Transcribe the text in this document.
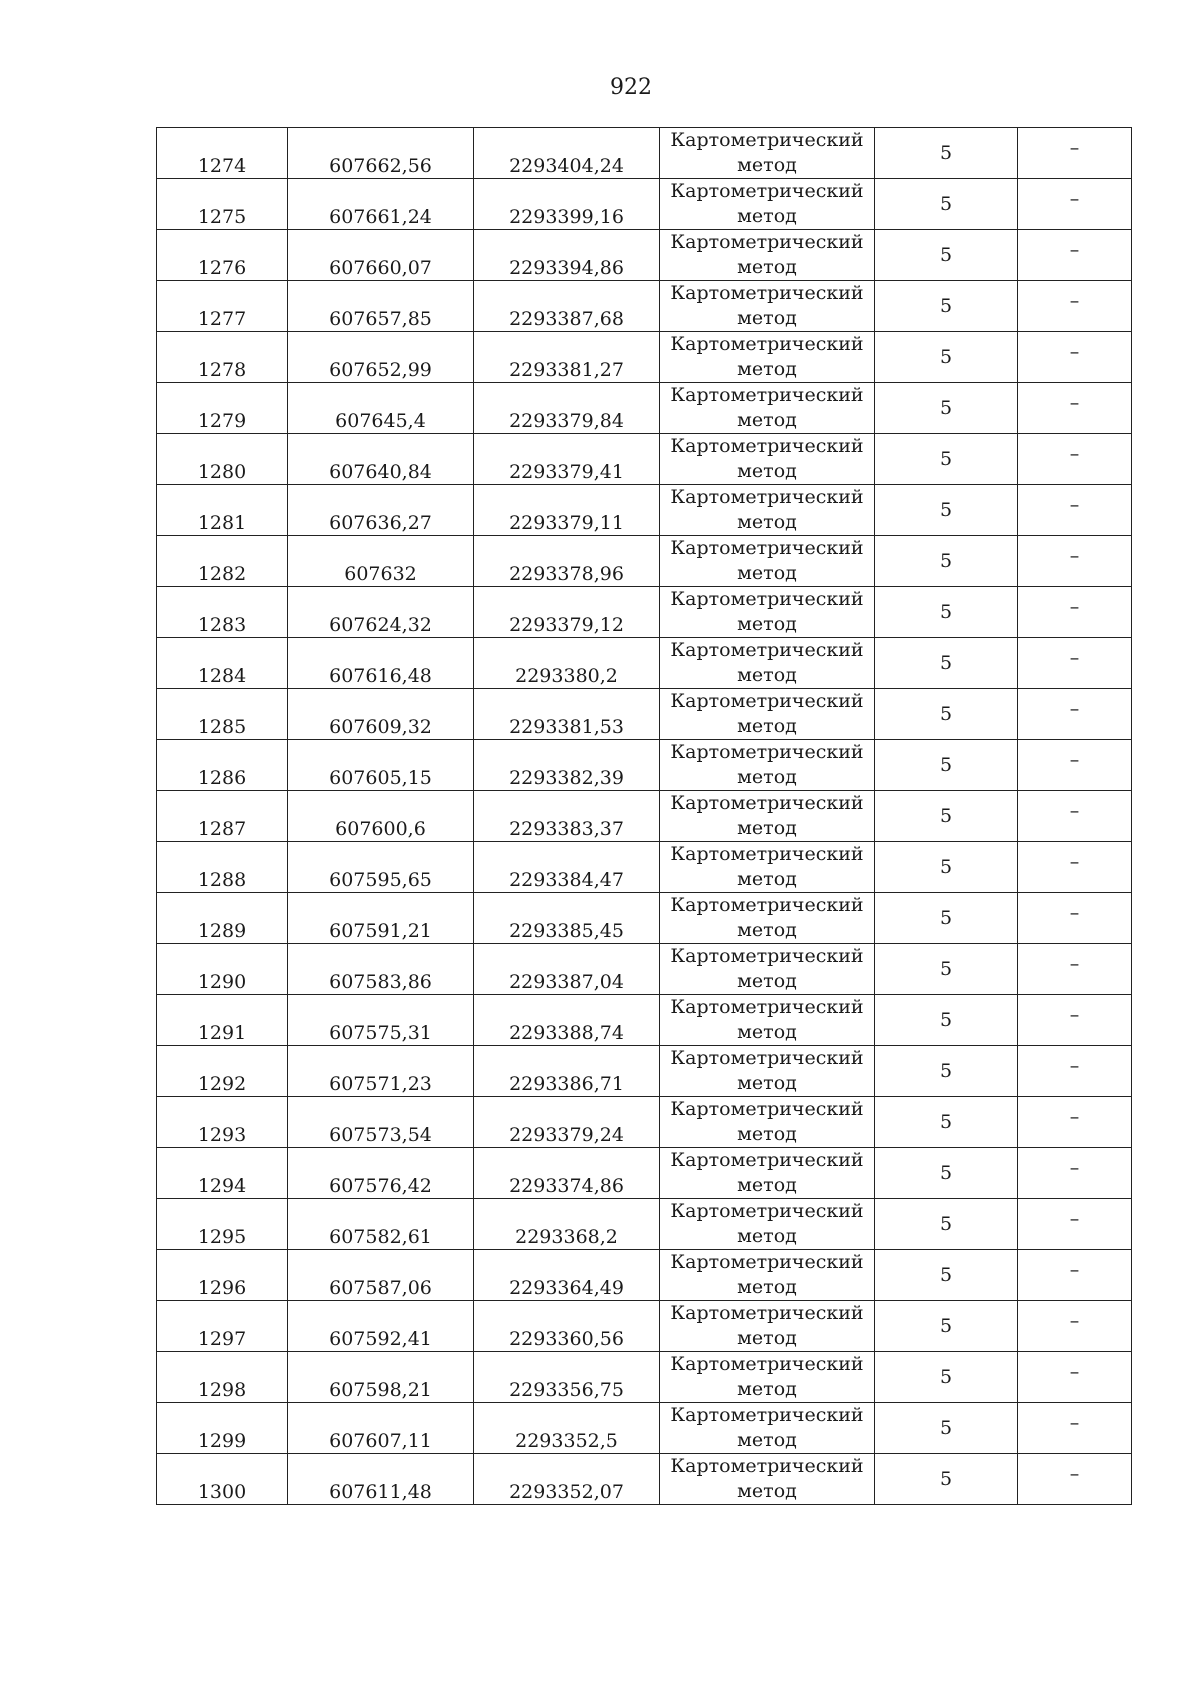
922
1274	607662,56	2293404,24	Картометрический
метод	5	–

1275	607661,24	2293399,16	Картометрический
метод	5	–

1276	607660,07	2293394,86	Картометрический
метод	5	–

1277	607657,85	2293387,68	Картометрический
метод	5	–

1278	607652,99	2293381,27	Картометрический
метод	5	–

1279	607645,4	2293379,84	Картометрический
метод	5	–

1280	607640,84	2293379,41	Картометрический
метод	5	–

1281	607636,27	2293379,11	Картометрический
метод	5	–

1282	607632	2293378,96	Картометрический
метод	5	–

1283	607624,32	2293379,12	Картометрический
метод	5	–

1284	607616,48	2293380,2	Картометрический
метод	5	–

1285	607609,32	2293381,53	Картометрический
метод	5	–

1286	607605,15	2293382,39	Картометрический
метод	5	–

1287	607600,6	2293383,37	Картометрический
метод	5	–

1288	607595,65	2293384,47	Картометрический
метод	5	–

1289	607591,21	2293385,45	Картометрический
метод	5	–

1290	607583,86	2293387,04	Картометрический
метод	5	–

1291	607575,31	2293388,74	Картометрический
метод	5	–

1292	607571,23	2293386,71	Картометрический
метод	5	–

1293	607573,54	2293379,24	Картометрический
метод	5	–

1294	607576,42	2293374,86	Картометрический
метод	5	–

1295	607582,61	2293368,2	Картометрический
метод	5	–

1296	607587,06	2293364,49	Картометрический
метод	5	–

1297	607592,41	2293360,56	Картометрический
метод	5	–

1298	607598,21	2293356,75	Картометрический
метод	5	–

1299	607607,11	2293352,5	Картометрический
метод	5	–

1300	607611,48	2293352,07	Картометрический
метод	5	–
